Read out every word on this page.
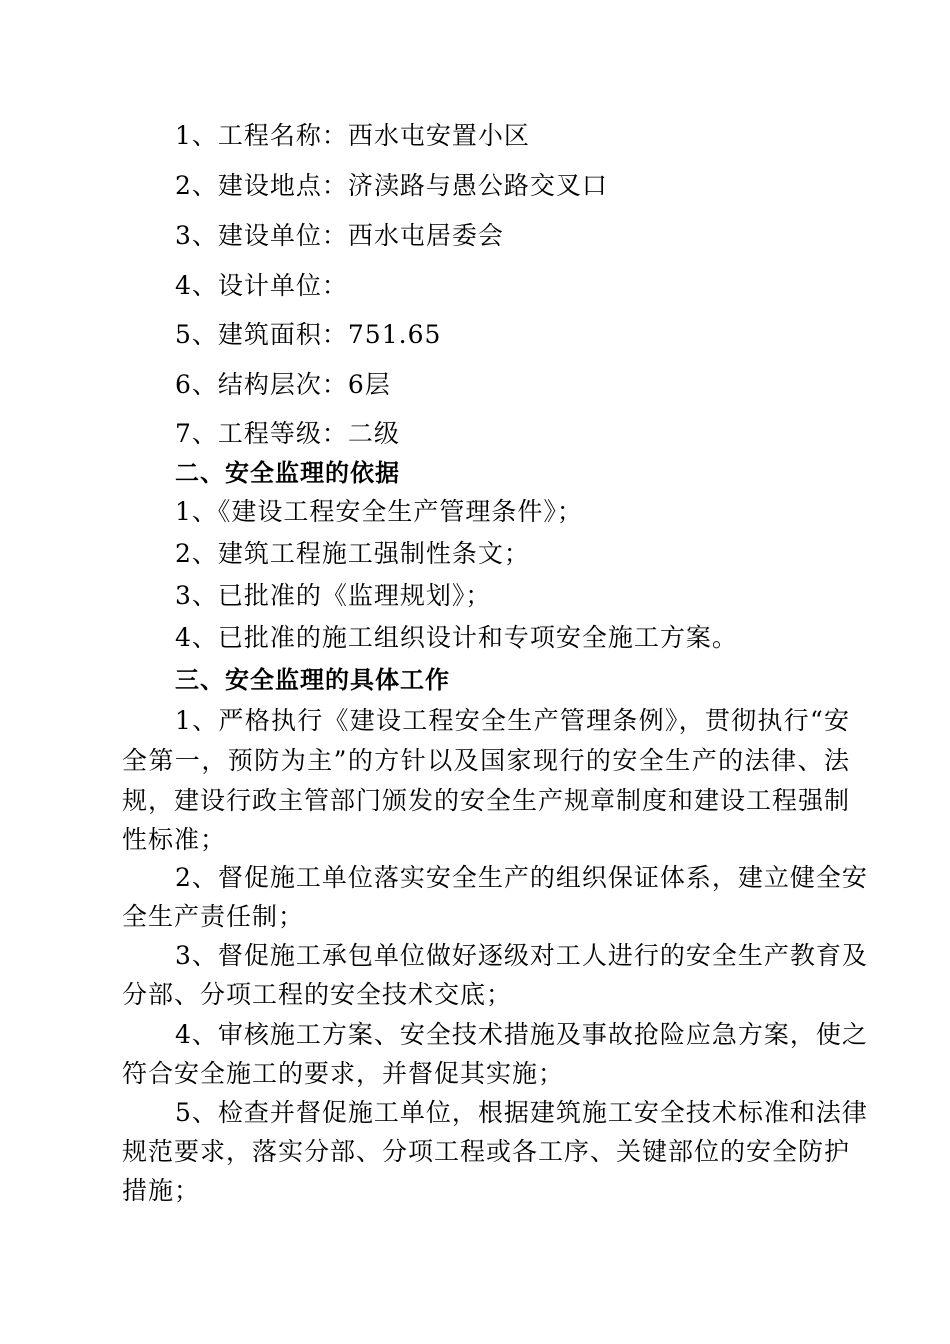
1、工程名称：西水屯安置小区
2、建设地点：济渎路与愚公路交叉口
3、建设单位：西水屯居委会
4、设计单位：
5、建筑面积：751.65
6、结构层次：6层
7、工程等级：二级
二、安全监理的依据
1、《建设工程安全生产管理条件》；
2、建筑工程施工强制性条文；
3、已批准的《监理规划》；
4、已批准的施工组织设计和专项安全施工方案。
三、安全监理的具体工作
1、严格执行《建设工程安全生产管理条例》，贯彻执行“安
全第一，预防为主”的方针以及国家现行的安全生产的法律、法
规，建设行政主管部门颁发的安全生产规章制度和建设工程强制
性标准；
2、督促施工单位落实安全生产的组织保证体系，建立健全安
全生产责任制；
3、督促施工承包单位做好逐级对工人进行的安全生产教育及
分部、分项工程的安全技术交底；
4、审核施工方案、安全技术措施及事故抢险应急方案，使之
符合安全施工的要求，并督促其实施；
5、检查并督促施工单位，根据建筑施工安全技术标准和法律
规范要求，落实分部、分项工程或各工序、关键部位的安全防护
措施；
